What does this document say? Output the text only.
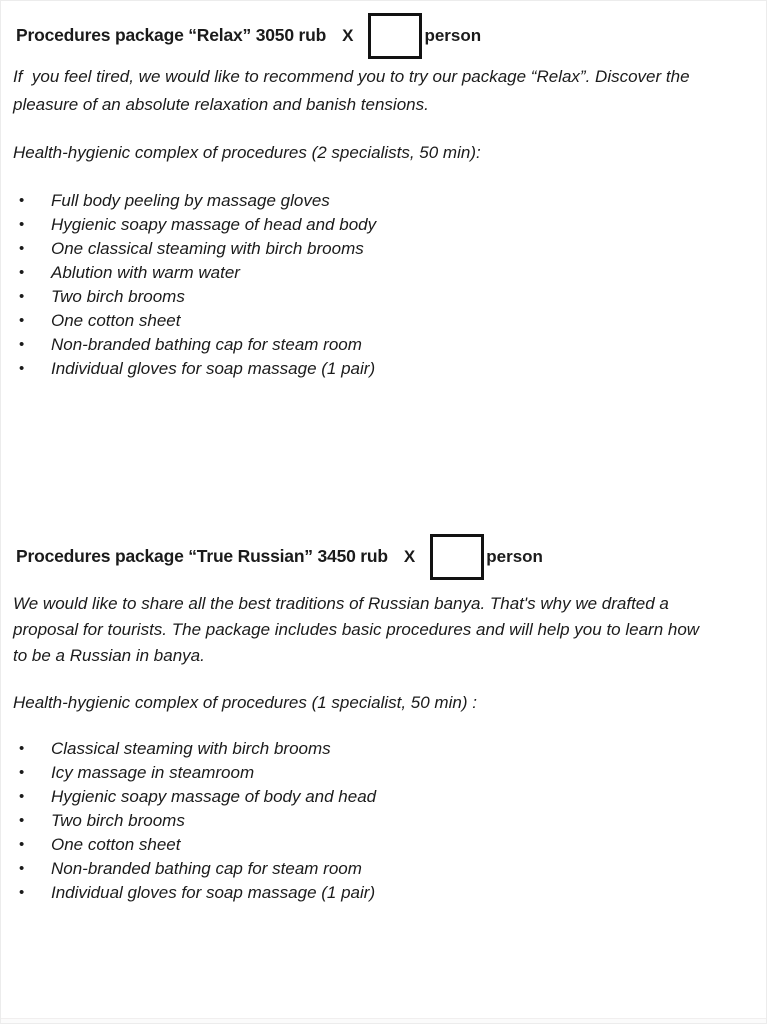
Procedures package “Relax” 3050 rub X	person
If  you feel tired, we would like to recommend you to try our package “Relax”. Discover the pleasure of an absolute relaxation and banish tensions.
Health-hygienic complex of procedures (2 specialists, 50 min):
•	Full body peeling by massage gloves
•	Hygienic soapy massage of head and body
•	One classical steaming with birch brooms
•	Ablution with warm water
•	Two birch brooms
•	One cotton sheet
•	Non-branded bathing cap for steam room
•	Individual gloves for soap massage (1 pair)
Procedures package “True Russian” 3450 rub X	person
We would like to share all the best traditions of Russian banya. That's why we drafted a proposal for tourists. The package includes basic procedures and will help you to learn how to be a Russian in banya.
Health-hygienic complex of procedures (1 specialist, 50 min) :
•	Classical steaming with birch brooms
•	Icy massage in steamroom
•	Hygienic soapy massage of body and head
•	Two birch brooms
•	One cotton sheet
•	Non-branded bathing cap for steam room
•	Individual gloves for soap massage (1 pair)
